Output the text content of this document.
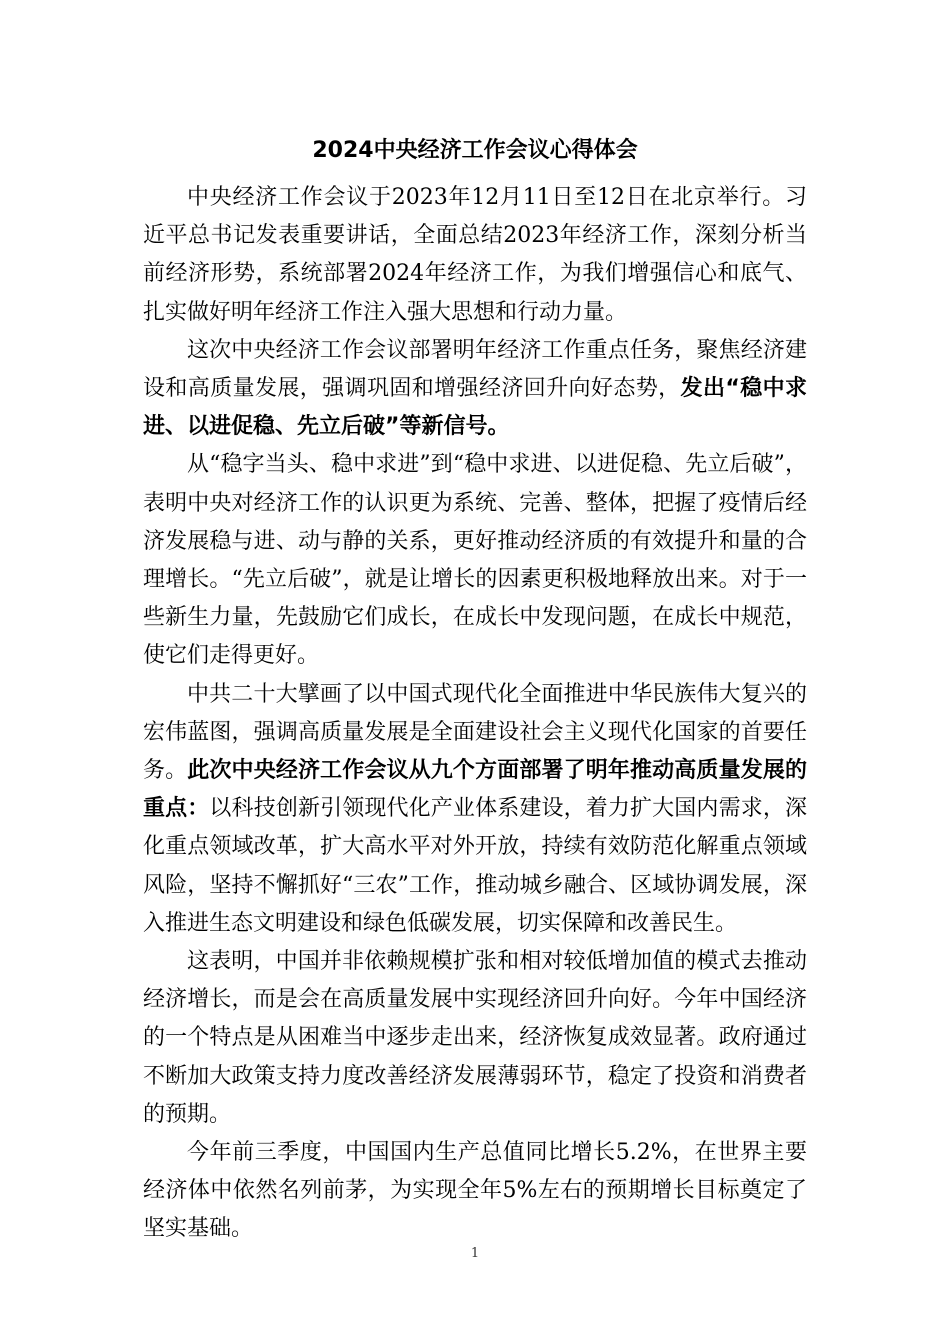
2024中央经济工作会议心得体会

中央经济工作会议于2023年12月11日至12日在北京举行。习近平总书记发表重要讲话，全面总结2023年经济工作，深刻分析当前经济形势，系统部署2024年经济工作，为我们增强信心和底气、扎实做好明年经济工作注入强大思想和行动力量。

这次中央经济工作会议部署明年经济工作重点任务，聚焦经济建设和高质量发展，强调巩固和增强经济回升向好态势，发出“稳中求进、以进促稳、先立后破”等新信号。

从“稳字当头、稳中求进”到“稳中求进、以进促稳、先立后破”，表明中央对经济工作的认识更为系统、完善、整体，把握了疫情后经济发展稳与进、动与静的关系，更好推动经济质的有效提升和量的合理增长。“先立后破”，就是让增长的因素更积极地释放出来。对于一些新生力量，先鼓励它们成长，在成长中发现问题，在成长中规范，使它们走得更好。

中共二十大擘画了以中国式现代化全面推进中华民族伟大复兴的宏伟蓝图，强调高质量发展是全面建设社会主义现代化国家的首要任务。此次中央经济工作会议从九个方面部署了明年推动高质量发展的重点：以科技创新引领现代化产业体系建设，着力扩大国内需求，深化重点领域改革，扩大高水平对外开放，持续有效防范化解重点领域风险，坚持不懈抓好“三农”工作，推动城乡融合、区域协调发展，深入推进生态文明建设和绿色低碳发展，切实保障和改善民生。

这表明，中国并非依赖规模扩张和相对较低增加值的模式去推动经济增长，而是会在高质量发展中实现经济回升向好。今年中国经济的一个特点是从困难当中逐步走出来，经济恢复成效显著。政府通过不断加大政策支持力度改善经济发展薄弱环节，稳定了投资和消费者的预期。

今年前三季度，中国国内生产总值同比增长5.2%，在世界主要经济体中依然名列前茅，为实现全年5%左右的预期增长目标奠定了坚实基础。

1
